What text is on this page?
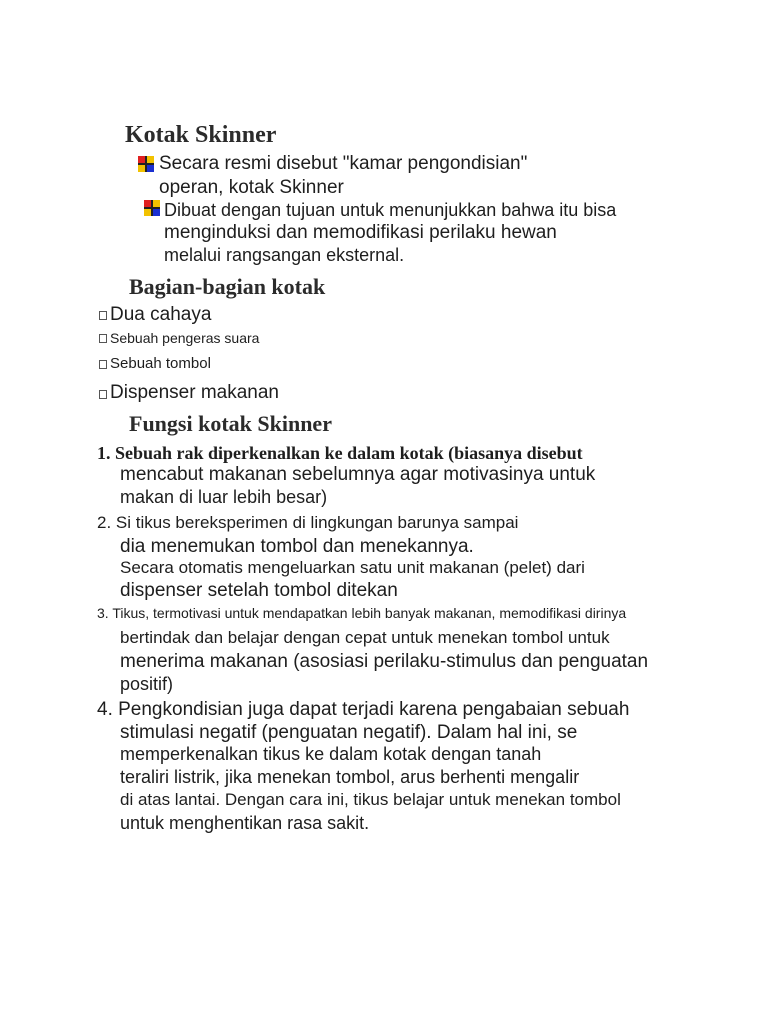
Kotak Skinner
Secara resmi disebut "kamar pengondisian"
operan, kotak Skinner
Dibuat dengan tujuan untuk menunjukkan bahwa itu bisa
menginduksi dan memodifikasi perilaku hewan
melalui rangsangan eksternal.
Bagian-bagian kotak
Dua cahaya
Sebuah pengeras suara
Sebuah tombol
Dispenser makanan
Fungsi kotak Skinner
1. Sebuah rak diperkenalkan ke dalam kotak (biasanya disebut
mencabut makanan sebelumnya agar motivasinya untuk
makan di luar lebih besar)
2. Si tikus bereksperimen di lingkungan barunya sampai
dia menemukan tombol dan menekannya.
Secara otomatis mengeluarkan satu unit makanan (pelet) dari
dispenser setelah tombol ditekan
3. Tikus, termotivasi untuk mendapatkan lebih banyak makanan, memodifikasi dirinya
bertindak dan belajar dengan cepat untuk menekan tombol untuk
menerima makanan (asosiasi perilaku-stimulus dan penguatan
positif)
4. Pengkondisian juga dapat terjadi karena pengabaian sebuah
stimulasi negatif (penguatan negatif). Dalam hal ini, se
memperkenalkan tikus ke dalam kotak dengan tanah
teraliri listrik, jika menekan tombol, arus berhenti mengalir
di atas lantai. Dengan cara ini, tikus belajar untuk menekan tombol
untuk menghentikan rasa sakit.
